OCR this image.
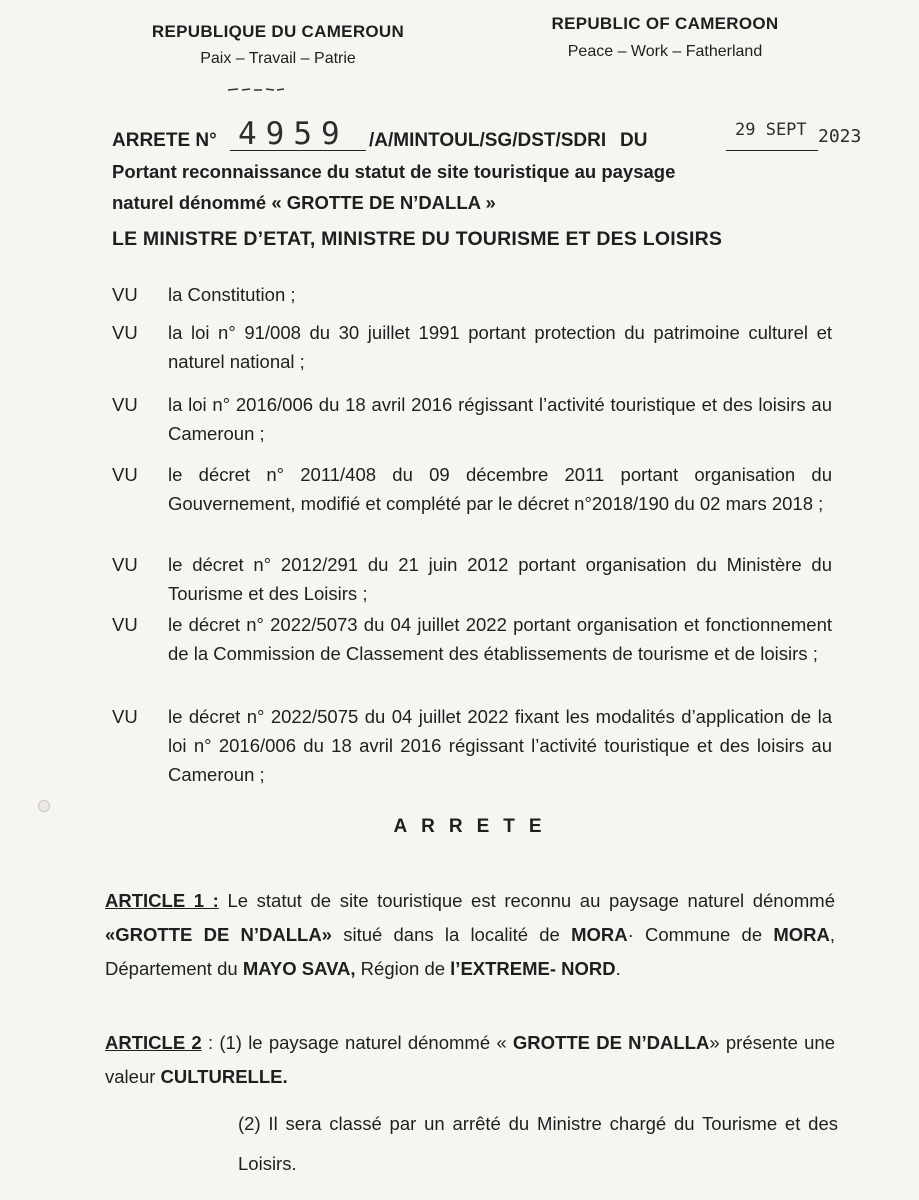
REPUBLIQUE DU CAMEROUN
Paix – Travail – Patrie
REPUBLIC OF CAMEROON
Peace – Work – Fatherland
ARRETE N° 4959 /A/MINTOUL/SG/DST/SDRI DU	29 SEPT 2023
Portant reconnaissance du statut de site touristique au paysage
naturel dénommé « GROTTE DE N’DALLA »
LE MINISTRE D’ETAT, MINISTRE DU TOURISME ET DES LOISIRS
VU la Constitution ;
VU la loi n° 91/008 du 30 juillet 1991 portant protection du patrimoine culturel et naturel national ;
VU la loi n° 2016/006 du 18 avril 2016 régissant l’activité touristique et des loisirs au Cameroun ;
VU le décret n° 2011/408 du 09 décembre 2011 portant organisation du Gouvernement, modifié et complété par le décret n°2018/190 du 02 mars 2018 ;
VU le décret n° 2012/291 du 21 juin 2012 portant organisation du Ministère du Tourisme et des Loisirs ;
VU le décret n° 2022/5073 du 04 juillet 2022 portant organisation et fonctionnement de la Commission de Classement des établissements de tourisme et de loisirs ;
VU le décret n° 2022/5075 du 04 juillet 2022 fixant les modalités d’application de la loi n° 2016/006 du 18 avril 2016 régissant l’activité touristique et des loisirs au Cameroun ;
ARRETE
ARTICLE 1 : Le statut de site touristique est reconnu au paysage naturel dénommé «GROTTE DE N’DALLA» situé dans la localité de MORA· Commune de MORA, Département du MAYO SAVA, Région de l’EXTREME- NORD.
ARTICLE 2 : (1) le paysage naturel dénommé « GROTTE DE N’DALLA» présente une valeur CULTURELLE.
(2) Il sera classé par un arrêté du Ministre chargé du Tourisme et des Loisirs.
